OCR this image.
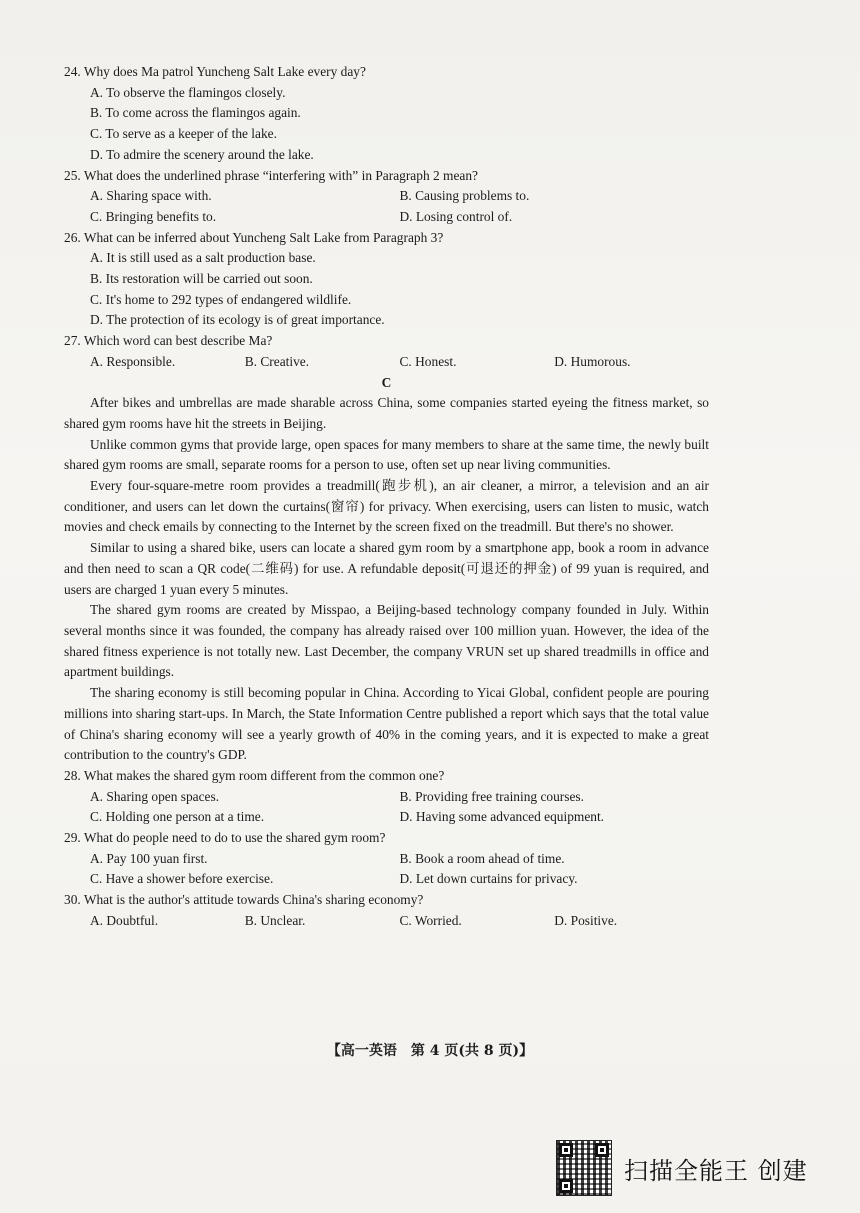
24. Why does Ma patrol Yuncheng Salt Lake every day?

A. To observe the flamingos closely.

B. To come across the flamingos again.

C. To serve as a keeper of the lake.

D. To admire the scenery around the lake.

25. What does the underlined phrase “interfering with” in Paragraph 2 mean?

A. Sharing space with.	B. Causing problems to.
C. Bringing benefits to.	D. Losing control of.

26. What can be inferred about Yuncheng Salt Lake from Paragraph 3?

A. It is still used as a salt production base.

B. Its restoration will be carried out soon.

C. It's home to 292 types of endangered wildlife.

D. The protection of its ecology is of great importance.

27. Which word can best describe Ma?

A. Responsible.	B. Creative.	C. Honest.	D. Humorous.

C

After bikes and umbrellas are made sharable across China, some companies started eyeing the fitness market, so shared gym rooms have hit the streets in Beijing.

Unlike common gyms that provide large, open spaces for many members to share at the same time, the newly built shared gym rooms are small, separate rooms for a person to use, often set up near living communities.

Every four-square-metre room provides a treadmill(跑步机), an air cleaner, a mirror, a television and an air conditioner, and users can let down the curtains(窗帘) for privacy. When exercising, users can listen to music, watch movies and check emails by connecting to the Internet by the screen fixed on the treadmill. But there's no shower.

Similar to using a shared bike, users can locate a shared gym room by a smartphone app, book a room in advance and then need to scan a QR code(二维码) for use. A refundable deposit(可退还的押金) of 99 yuan is required, and users are charged 1 yuan every 5 minutes.

The shared gym rooms are created by Misspao, a Beijing-based technology company founded in July. Within several months since it was founded, the company has already raised over 100 million yuan. However, the idea of the shared fitness experience is not totally new. Last December, the company VRUN set up shared treadmills in office and apartment buildings.

The sharing economy is still becoming popular in China. According to Yicai Global, confident people are pouring millions into sharing start-ups. In March, the State Information Centre published a report which says that the total value of China's sharing economy will see a yearly growth of 40% in the coming years, and it is expected to make a great contribution to the country's GDP.

28. What makes the shared gym room different from the common one?

A. Sharing open spaces.	B. Providing free training courses.
C. Holding one person at a time.	D. Having some advanced equipment.

29. What do people need to do to use the shared gym room?

A. Pay 100 yuan first.	B. Book a room ahead of time.
C. Have a shower before exercise.	D. Let down curtains for privacy.

30. What is the author's attitude towards China's sharing economy?

A. Doubtful.	B. Unclear.	C. Worried.	D. Positive.
【高一英语　第 4 页(共 8 页)】
扫描全能王 创建
